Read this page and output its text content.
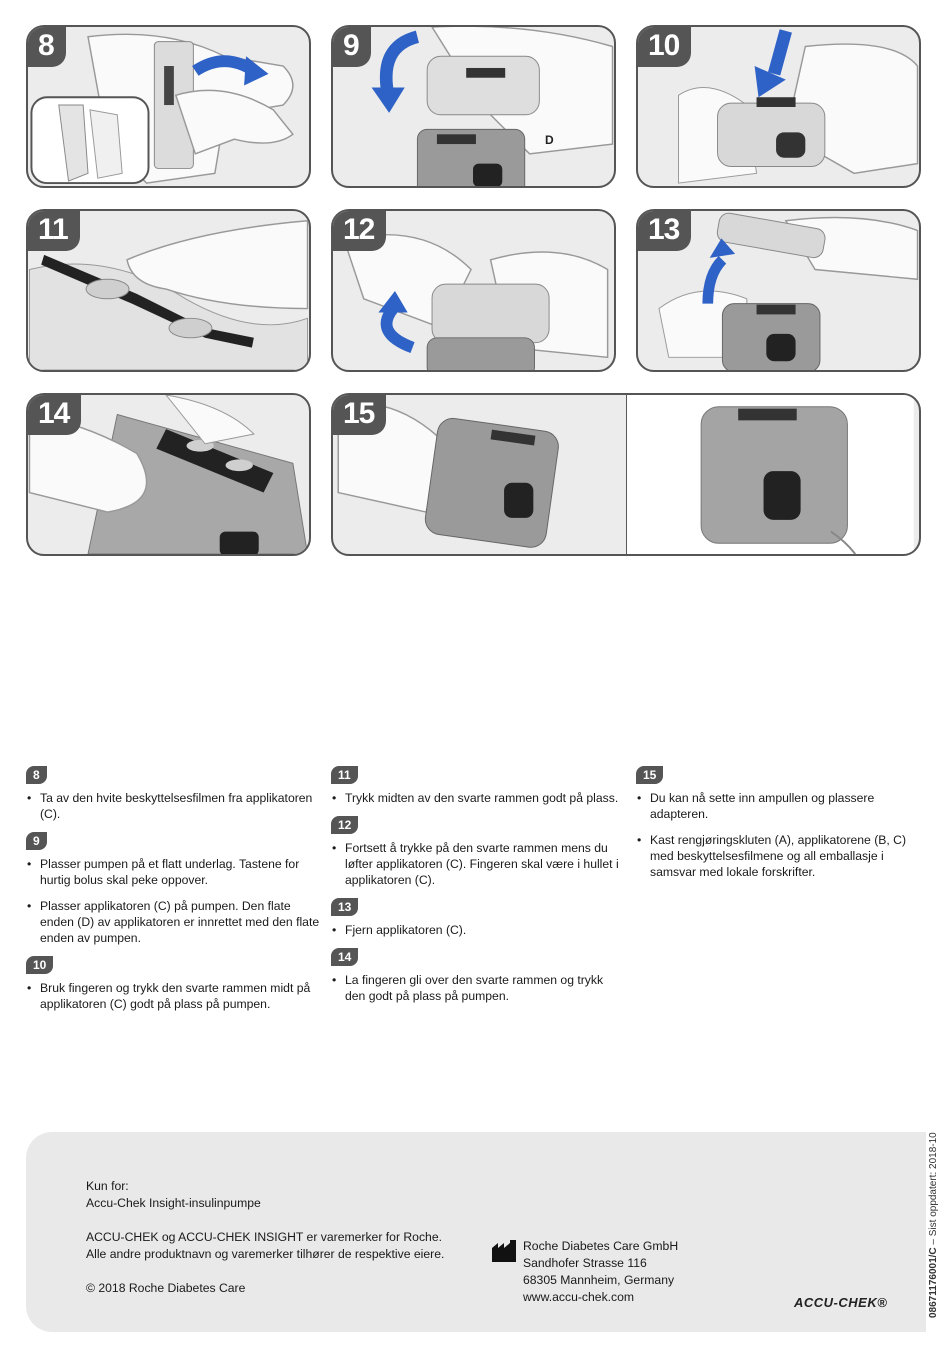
8
D
9	10
11	12	13
14	15
8
• Ta av den hvite beskyttelsesfilmen fra applikatoren (C).
9
• Plasser pumpen på et flatt underlag. Tastene for hurtig bolus skal peke oppover.
• Plasser applikatoren (C) på pumpen. Den flate enden (D) av applikatoren er innrettet med den flate enden av pumpen.
10
• Bruk fingeren og trykk den svarte rammen midt på applikatoren (C) godt på plass på pumpen.
11
• Trykk midten av den svarte rammen godt på plass.
12
• Fortsett å trykke på den svarte rammen mens du løfter applikatoren (C). Fingeren skal være i hullet i applikatoren (C).
13
• Fjern applikatoren (C).
14
• La fingeren gli over den svarte rammen og trykk den godt på plass på pumpen.
15
• Du kan nå sette inn ampullen og plassere adapteren.
• Kast rengjøringskluten (A), applikatorene (B, C) med beskyttelsesfilmene og all emballasje i samsvar med lokale forskrifter.
Kun for:
Accu-Chek Insight-insulinpumpe
ACCU-CHEK og ACCU-CHEK INSIGHT er varemerker for Roche.
Alle andre produktnavn og varemerker tilhører de respektive eiere.
© 2018 Roche Diabetes Care
Roche Diabetes Care GmbH
Sandhofer Strasse 116
68305 Mannheim, Germany
www.accu-chek.com	ACCU-CHEK®	08671176001/C – Sist oppdatert: 2018-10
